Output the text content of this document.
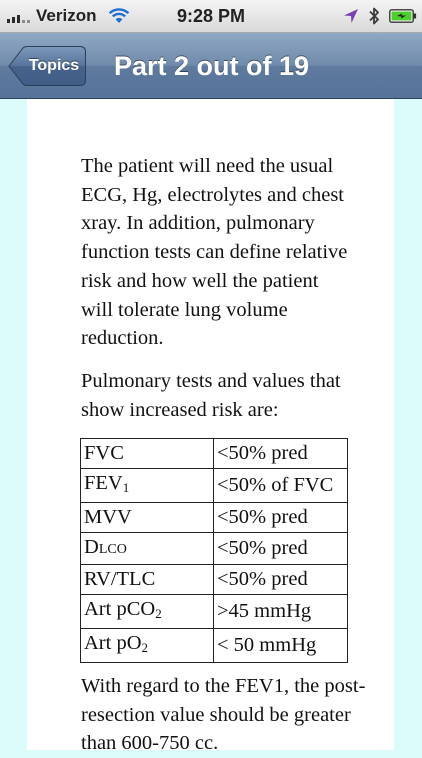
Verizon	9:28 PM
Topics Part 2 out of 19
The patient will need the usual ECG, Hg, electrolytes and chest xray. In addition, pulmonary function tests can define relative risk and how well the patient will tolerate lung volume reduction.
Pulmonary tests and values that show increased risk are:
FVC	<50% pred
$FEV_1$	<50% of FVC
MVV	<50% pred
DLCO	<50% pred
RV/TLC	<50% pred
Art pCO$_2$	>45 mmHg
Art $pO_2$	< 50 mmHg
With regard to the FEV1, the post-resection value should be greater than 600-750 cc.
